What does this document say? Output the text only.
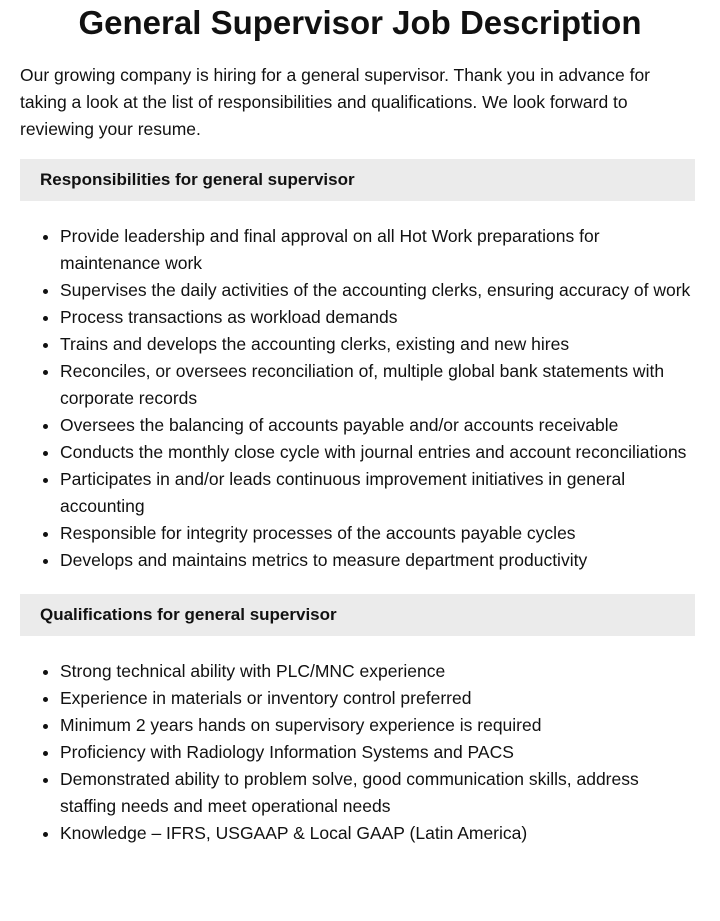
General Supervisor Job Description

Our growing company is hiring for a general supervisor. Thank you in advance for taking a look at the list of responsibilities and qualifications. We look forward to reviewing your resume.

Responsibilities for general supervisor
• Provide leadership and final approval on all Hot Work preparations for maintenance work
• Supervises the daily activities of the accounting clerks, ensuring accuracy of work
• Process transactions as workload demands
• Trains and develops the accounting clerks, existing and new hires
• Reconciles, or oversees reconciliation of, multiple global bank statements with corporate records
• Oversees the balancing of accounts payable and/or accounts receivable
• Conducts the monthly close cycle with journal entries and account reconciliations
• Participates in and/or leads continuous improvement initiatives in general accounting
• Responsible for integrity processes of the accounts payable cycles
• Develops and maintains metrics to measure department productivity
Qualifications for general supervisor
• Strong technical ability with PLC/MNC experience
• Experience in materials or inventory control preferred
• Minimum 2 years hands on supervisory experience is required
• Proficiency with Radiology Information Systems and PACS
• Demonstrated ability to problem solve, good communication skills, address staffing needs and meet operational needs
• Knowledge – IFRS, USGAAP & Local GAAP (Latin America)
